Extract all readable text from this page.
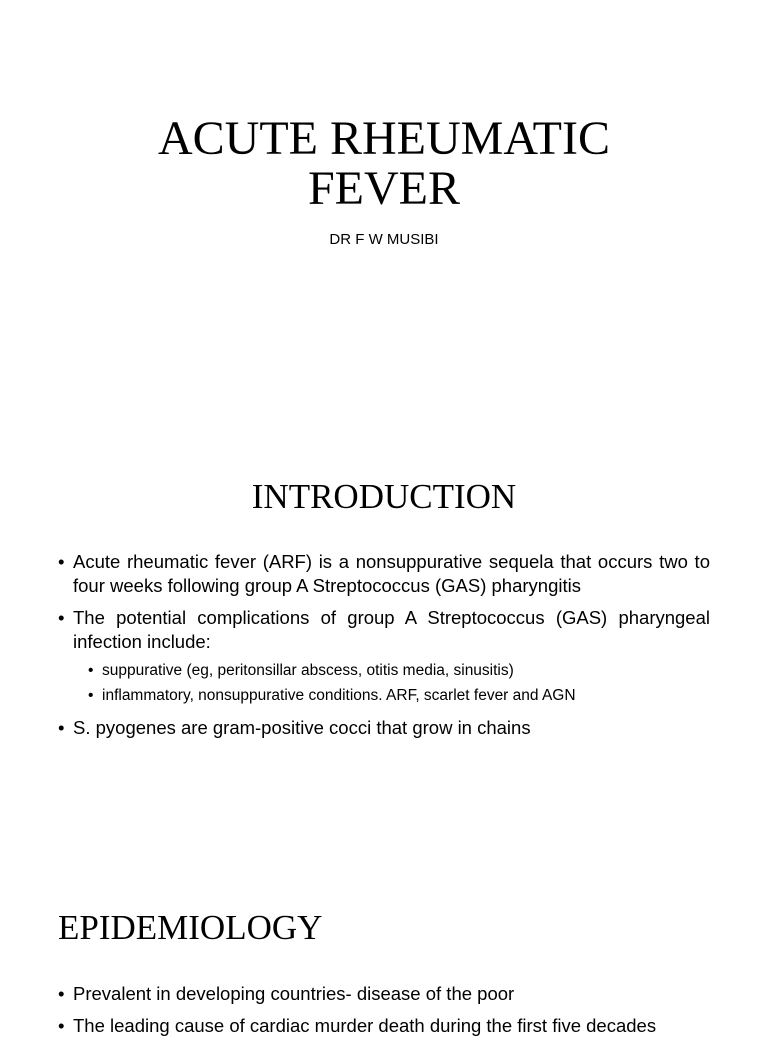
ACUTE RHEUMATIC FEVER

DR F W MUSIBI

INTRODUCTION
• Acute rheumatic fever (ARF) is a nonsuppurative sequela that occurs two to four weeks following group A Streptococcus (GAS) pharyngitis
• The potential complications of group A Streptococcus (GAS) pharyngeal infection include:
• suppurative (eg, peritonsillar abscess, otitis media, sinusitis)
• inflammatory, nonsuppurative conditions. ARF, scarlet fever and AGN
• S. pyogenes are gram-positive cocci that grow in chains
EPIDEMIOLOGY
• Prevalent in developing countries- disease of the poor
• The leading cause of cardiac murder death during the first five decades
